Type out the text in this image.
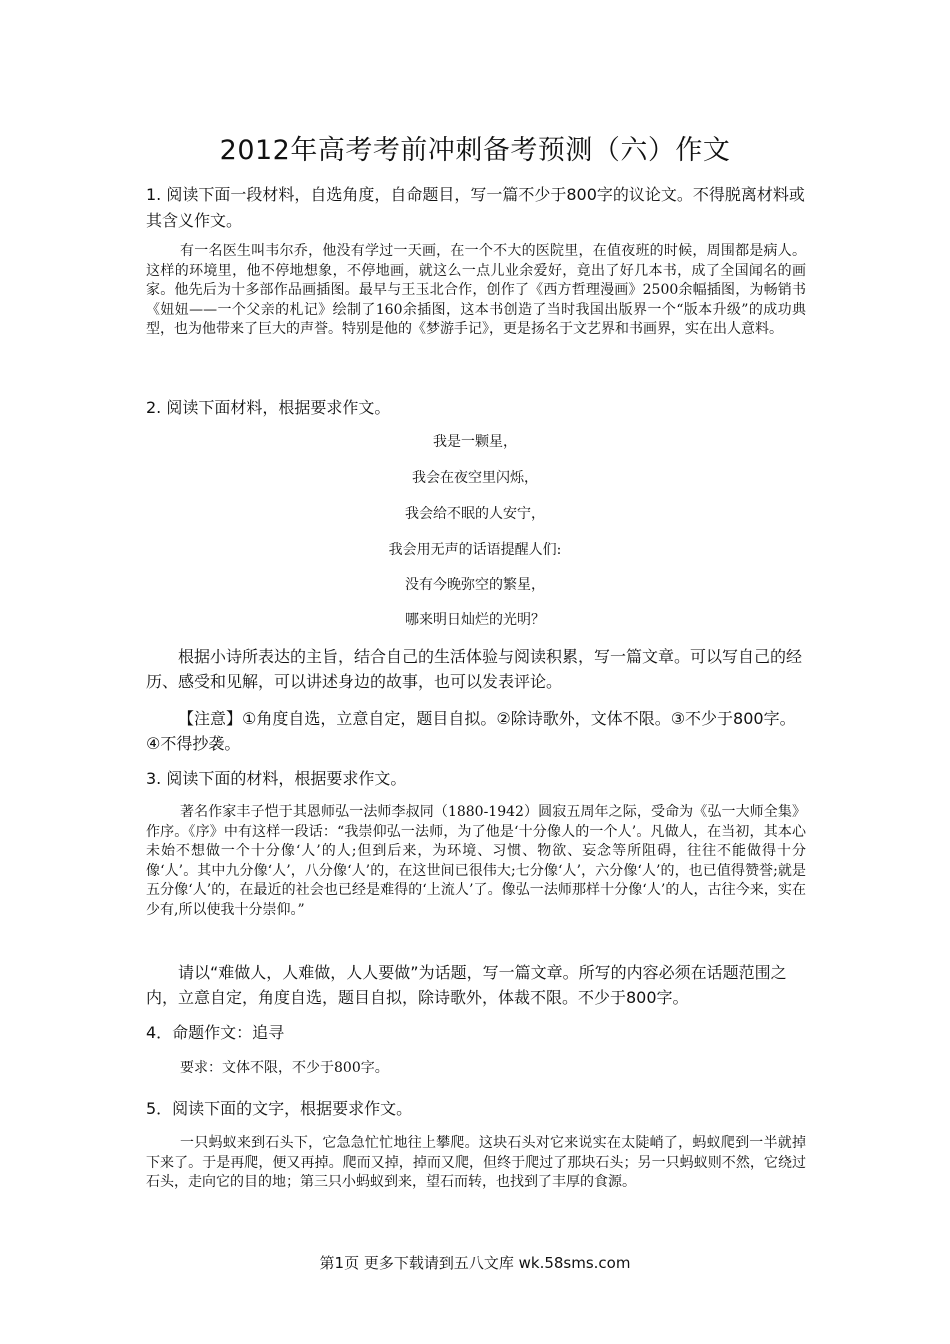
2012年高考考前冲刺备考预测（六）作文
1. 阅读下面一段材料，自选角度，自命题目，写一篇不少于800字的议论文。不得脱离材料或其含义作文。
有一名医生叫韦尔乔，他没有学过一天画，在一个不大的医院里，在值夜班的时候，周围都是病人。这样的环境里，他不停地想象，不停地画，就这么一点儿业余爱好，竟出了好几本书，成了全国闻名的画家。他先后为十多部作品画插图。最早与王玉北合作，创作了《西方哲理漫画》2500余幅插图，为畅销书《妞妞——一个父亲的札记》绘制了160余插图，这本书创造了当时我国出版界一个“版本升级”的成功典型，也为他带来了巨大的声誉。特别是他的《梦游手记》，更是扬名于文艺界和书画界，实在出人意料。
2. 阅读下面材料，根据要求作文。
我是一颗星，
我会在夜空里闪烁，
我会给不眠的人安宁，
我会用无声的话语提醒人们:
没有今晚弥空的繁星，
哪来明日灿烂的光明？
根据小诗所表达的主旨，结合自己的生活体验与阅读积累，写一篇文章。可以写自己的经历、感受和见解，可以讲述身边的故事，也可以发表评论。
【注意】①角度自选，立意自定，题目自拟。②除诗歌外，文体不限。③不少于800字。④不得抄袭。
3. 阅读下面的材料，根据要求作文。
著名作家丰子恺于其恩师弘一法师李叔同（1880-1942）圆寂五周年之际，受命为《弘一大师全集》作序。《序》中有这样一段话：“我崇仰弘一法师，为了他是‘十分像人的一个人’。凡做人，在当初，其本心未始不想做一个十分像‘人’的人;但到后来，为环境、习惯、物欲、妄念等所阻碍，往往不能做得十分像‘人’。其中九分像‘人’，八分像‘人’的，在这世间已很伟大;七分像‘人’，六分像‘人’的，也已值得赞誉;就是五分像‘人’的，在最近的社会也已经是难得的‘上流人’了。像弘一法师那样十分像‘人’的人，古往今来，实在少有,所以使我十分崇仰。”
请以“难做人，人难做，人人要做”为话题，写一篇文章。所写的内容必须在话题范围之内，立意自定，角度自选，题目自拟，除诗歌外，体裁不限。不少于800字。
4．命题作文：追寻
要求：文体不限，不少于800字。
5．阅读下面的文字，根据要求作文。
一只蚂蚁来到石头下，它急急忙忙地往上攀爬。这块石头对它来说实在太陡峭了，蚂蚁爬到一半就掉下来了。于是再爬，便又再掉。爬而又掉，掉而又爬，但终于爬过了那块石头；另一只蚂蚁则不然，它绕过石头，走向它的目的地；第三只小蚂蚁到来，望石而转，也找到了丰厚的食源。
第1页 更多下载请到五八文库 wk.58sms.com
